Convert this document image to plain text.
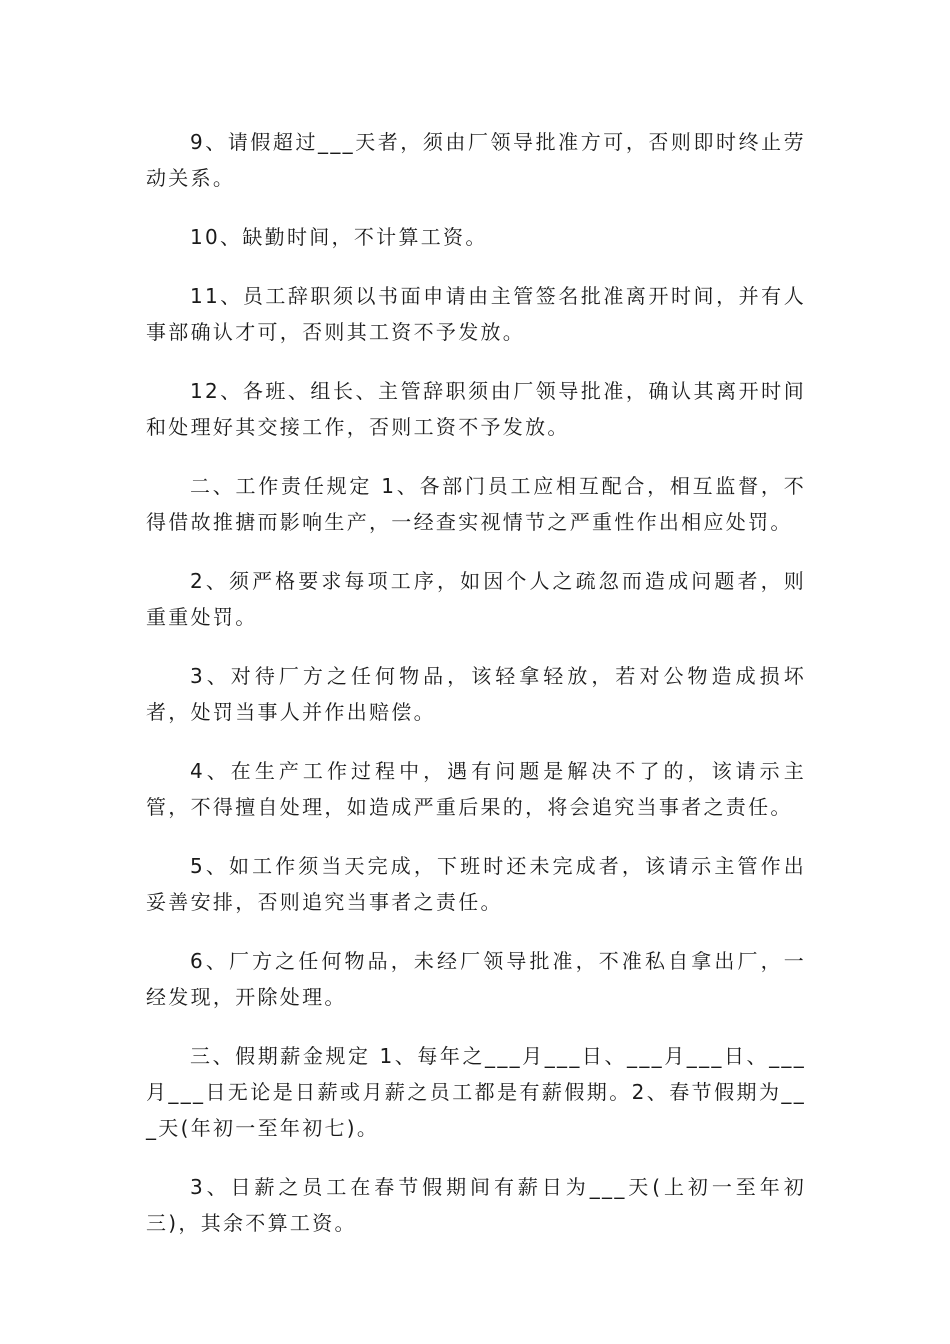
9、请假超过___天者，须由厂领导批准方可，否则即时终止劳动关系。

10、缺勤时间，不计算工资。

11、员工辞职须以书面申请由主管签名批准离开时间，并有人事部确认才可，否则其工资不予发放。

12、各班、组长、主管辞职须由厂领导批准，确认其离开时间和处理好其交接工作，否则工资不予发放。

二、工作责任规定 1、各部门员工应相互配合，相互监督，不得借故推搪而影响生产，一经查实视情节之严重性作出相应处罚。

2、须严格要求每项工序，如因个人之疏忽而造成问题者，则重重处罚。

3、对待厂方之任何物品，该轻拿轻放，若对公物造成损坏者，处罚当事人并作出赔偿。

4、在生产工作过程中，遇有问题是解决不了的，该请示主管，不得擅自处理，如造成严重后果的，将会追究当事者之责任。

5、如工作须当天完成，下班时还未完成者，该请示主管作出妥善安排，否则追究当事者之责任。

6、厂方之任何物品，未经厂领导批准，不准私自拿出厂，一经发现，开除处理。

三、假期薪金规定 1、每年之___月___日、___月___日、___月___日无论是日薪或月薪之员工都是有薪假期。2、春节假期为___天(年初一至年初七)。

3、日薪之员工在春节假期间有薪日为___天(上初一至年初三)，其余不算工资。
